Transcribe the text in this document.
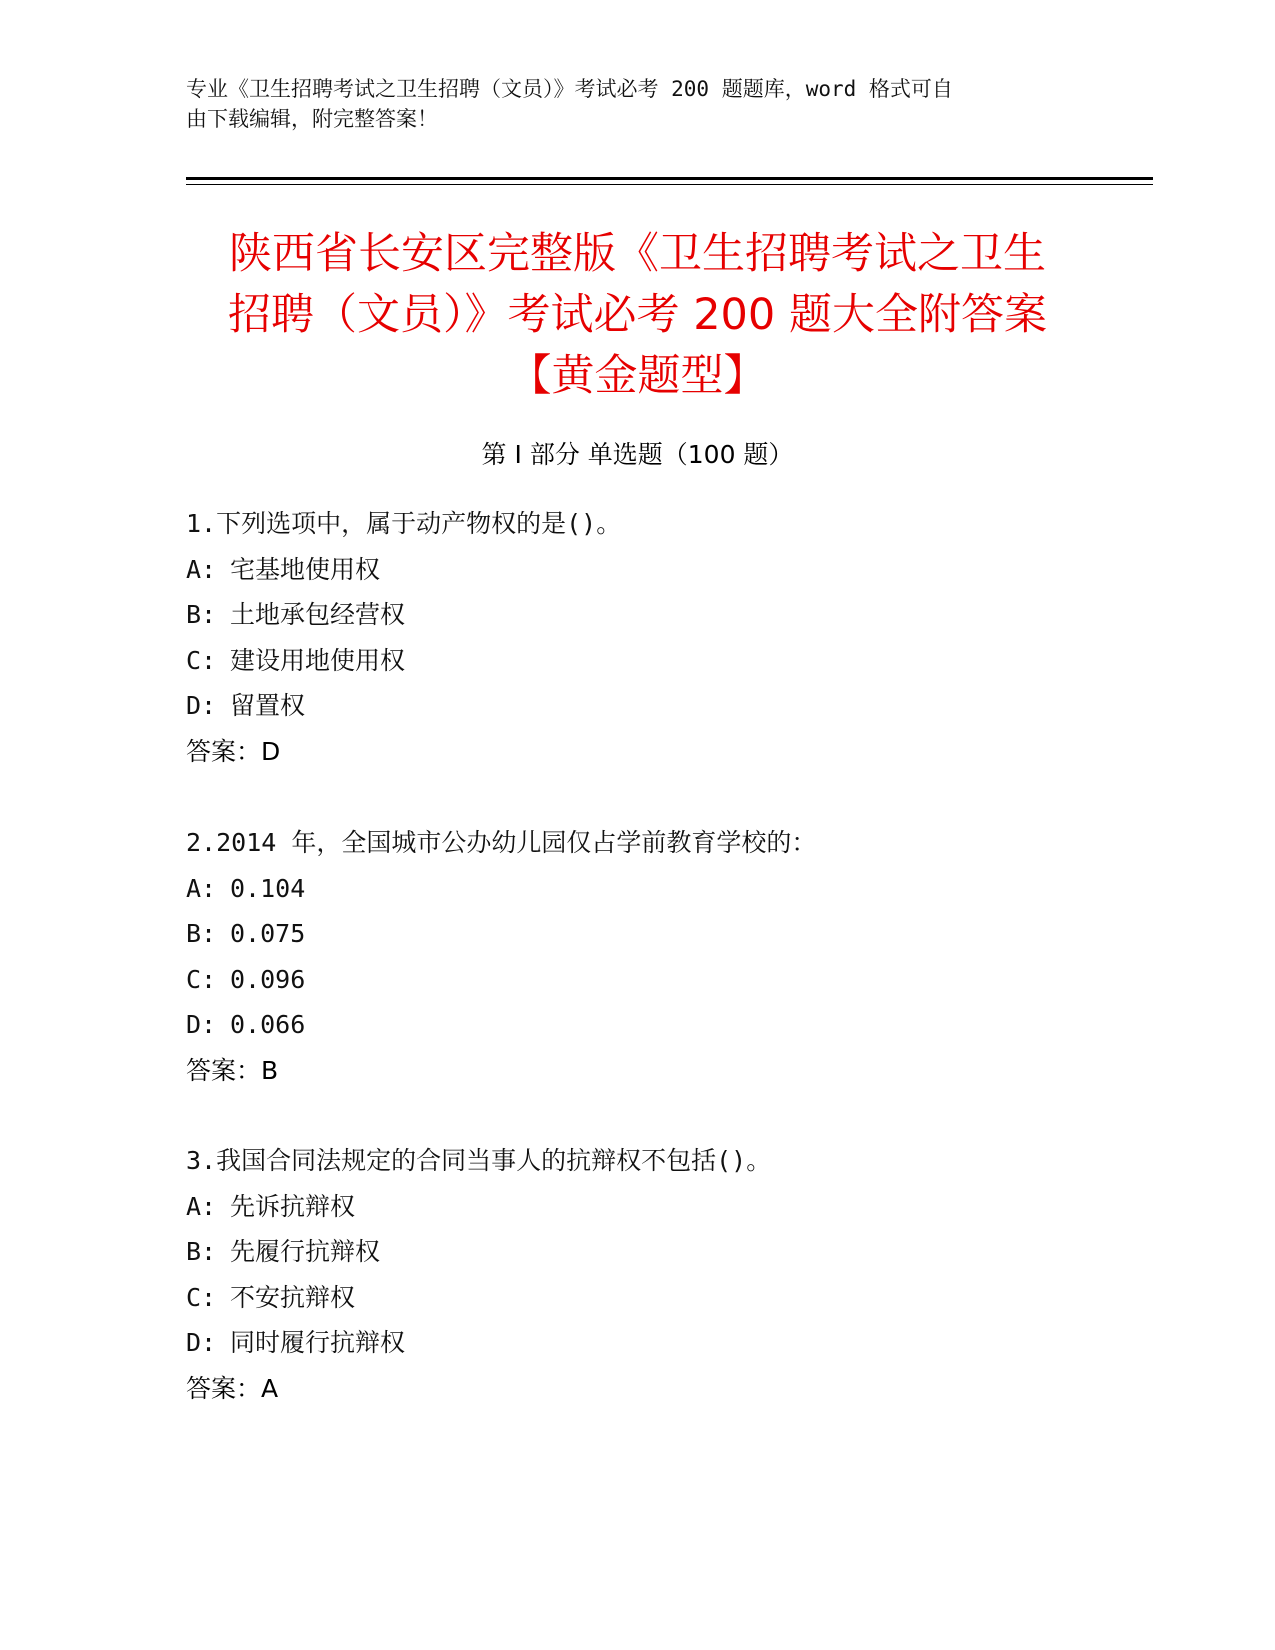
专业《卫生招聘考试之卫生招聘（文员）》考试必考 200 题题库，word 格式可自
由下载编辑，附完整答案！
陕西省长安区完整版《卫生招聘考试之卫生
招聘（文员）》考试必考 200 题大全附答案
【黄金题型】
第 I 部分 单选题（100 题）
1.下列选项中，属于动产物权的是()。
A: 宅基地使用权
B: 土地承包经营权
C: 建设用地使用权
D: 留置权
答案：D
2.2014 年，全国城市公办幼儿园仅占学前教育学校的：
A: 0.104
B: 0.075
C: 0.096
D: 0.066
答案：B
3.我国合同法规定的合同当事人的抗辩权不包括()。
A: 先诉抗辩权
B: 先履行抗辩权
C: 不安抗辩权
D: 同时履行抗辩权
答案：A
